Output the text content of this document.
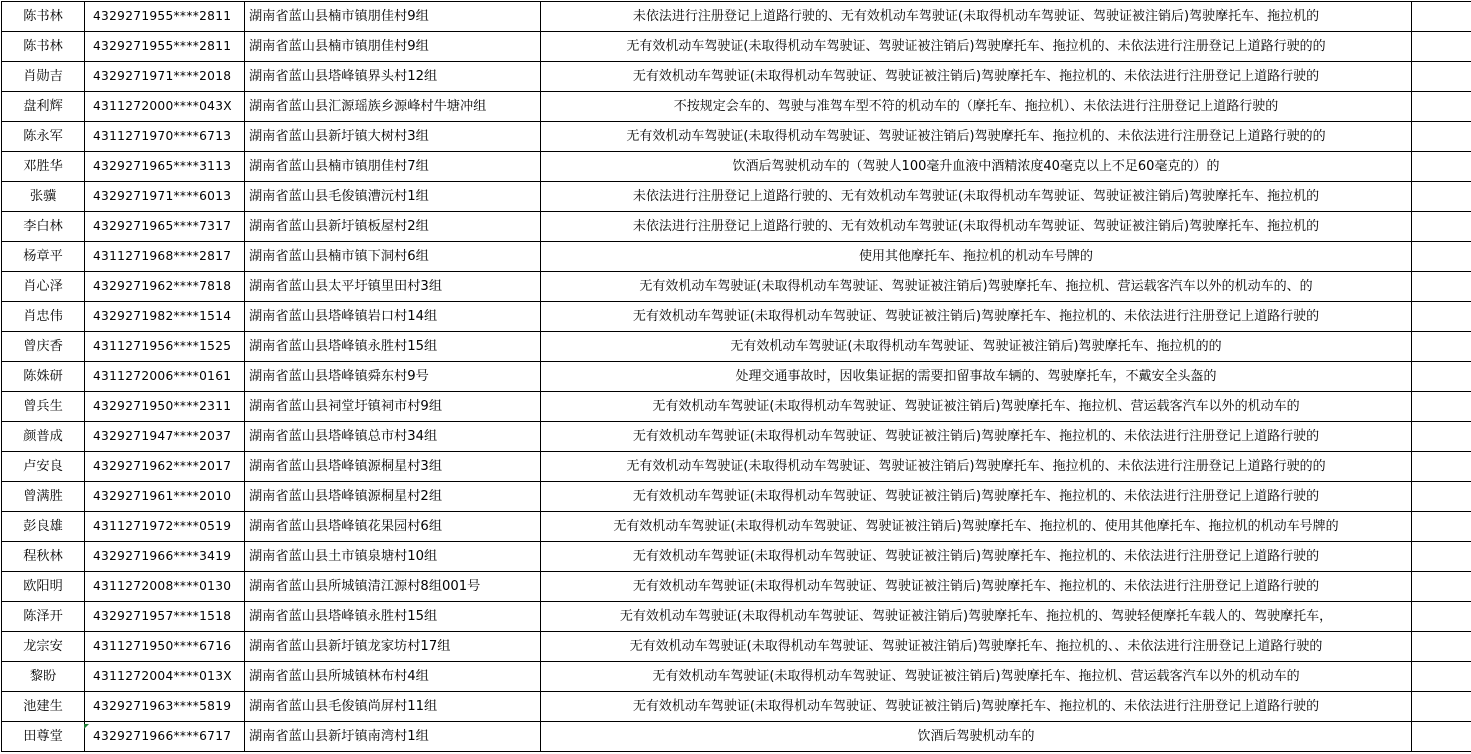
陈书林	4329271955****2811	湖南省蓝山县楠市镇朋佳村9组	未依法进行注册登记上道路行驶的、无有效机动车驾驶证(未取得机动车驾驶证、驾驶证被注销后)驾驶摩托车、拖拉机的	
陈书林	4329271955****2811	湖南省蓝山县楠市镇朋佳村9组	无有效机动车驾驶证(未取得机动车驾驶证、驾驶证被注销后)驾驶摩托车、拖拉机的、未依法进行注册登记上道路行驶的的	
肖勋吉	4329271971****2018	湖南省蓝山县塔峰镇界头村12组	无有效机动车驾驶证(未取得机动车驾驶证、驾驶证被注销后)驾驶摩托车、拖拉机的、未依法进行注册登记上道路行驶的	
盘利辉	4311272000****043X	湖南省蓝山县汇源瑶族乡源峰村牛塘冲组	不按规定会车的、驾驶与准驾车型不符的机动车的（摩托车、拖拉机）、未依法进行注册登记上道路行驶的	
陈永军	4311271970****6713	湖南省蓝山县新圩镇大树村3组	无有效机动车驾驶证(未取得机动车驾驶证、驾驶证被注销后)驾驶摩托车、拖拉机的、未依法进行注册登记上道路行驶的的	
邓胜华	4329271965****3113	湖南省蓝山县楠市镇朋佳村7组	饮酒后驾驶机动车的（驾驶人100毫升血液中酒精浓度40毫克以上不足60毫克的）的	
张骥	4329271971****6013	湖南省蓝山县毛俊镇漕沅村1组	未依法进行注册登记上道路行驶的、无有效机动车驾驶证(未取得机动车驾驶证、驾驶证被注销后)驾驶摩托车、拖拉机的	
李白林	4329271965****7317	湖南省蓝山县新圩镇板屋村2组	未依法进行注册登记上道路行驶的、无有效机动车驾驶证(未取得机动车驾驶证、驾驶证被注销后)驾驶摩托车、拖拉机的	
杨章平	4311271968****2817	湖南省蓝山县楠市镇下洞村6组	使用其他摩托车、拖拉机的机动车号牌的	
肖心泽	4329271962****7818	湖南省蓝山县太平圩镇里田村3组	无有效机动车驾驶证(未取得机动车驾驶证、驾驶证被注销后)驾驶摩托车、拖拉机、营运载客汽车以外的机动车的、的	
肖忠伟	4329271982****1514	湖南省蓝山县塔峰镇岩口村14组	无有效机动车驾驶证(未取得机动车驾驶证、驾驶证被注销后)驾驶摩托车、拖拉机的、未依法进行注册登记上道路行驶的	
曾庆香	4311271956****1525	湖南省蓝山县塔峰镇永胜村15组	无有效机动车驾驶证(未取得机动车驾驶证、驾驶证被注销后)驾驶摩托车、拖拉机的的	
陈姝研	4311272006****0161	湖南省蓝山县塔峰镇舜东村9号	处理交通事故时，因收集证据的需要扣留事故车辆的、驾驶摩托车，不戴安全头盔的	
曾兵生	4329271950****2311	湖南省蓝山县祠堂圩镇祠市村9组	无有效机动车驾驶证(未取得机动车驾驶证、驾驶证被注销后)驾驶摩托车、拖拉机、营运载客汽车以外的机动车的	
颜普成	4329271947****2037	湖南省蓝山县塔峰镇总市村34组	无有效机动车驾驶证(未取得机动车驾驶证、驾驶证被注销后)驾驶摩托车、拖拉机的、未依法进行注册登记上道路行驶的	
卢安良	4329271962****2017	湖南省蓝山县塔峰镇源桐星村3组	无有效机动车驾驶证(未取得机动车驾驶证、驾驶证被注销后)驾驶摩托车、拖拉机的、未依法进行注册登记上道路行驶的的	
曾满胜	4329271961****2010	湖南省蓝山县塔峰镇源桐星村2组	无有效机动车驾驶证(未取得机动车驾驶证、驾驶证被注销后)驾驶摩托车、拖拉机的、未依法进行注册登记上道路行驶的	
彭良雄	4311271972****0519	湖南省蓝山县塔峰镇花果园村6组	无有效机动车驾驶证(未取得机动车驾驶证、驾驶证被注销后)驾驶摩托车、拖拉机的、使用其他摩托车、拖拉机的机动车号牌的	
程秋林	4329271966****3419	湖南省蓝山县土市镇泉塘村10组	无有效机动车驾驶证(未取得机动车驾驶证、驾驶证被注销后)驾驶摩托车、拖拉机的、未依法进行注册登记上道路行驶的	
欧阳明	4311272008****0130	湖南省蓝山县所城镇清江源村8组001号	无有效机动车驾驶证(未取得机动车驾驶证、驾驶证被注销后)驾驶摩托车、拖拉机的、未依法进行注册登记上道路行驶的	
陈泽开	4329271957****1518	湖南省蓝山县塔峰镇永胜村15组	无有效机动车驾驶证(未取得机动车驾驶证、驾驶证被注销后)驾驶摩托车、拖拉机的、驾驶轻便摩托车载人的、驾驶摩托车，	
龙宗安	4311271950****6716	湖南省蓝山县新圩镇龙家坊村17组	无有效机动车驾驶证(未取得机动车驾驶证、驾驶证被注销后)驾驶摩托车、拖拉机的、、未依法进行注册登记上道路行驶的	
黎盼	4311272004****013X	湖南省蓝山县所城镇林布村4组	无有效机动车驾驶证(未取得机动车驾驶证、驾驶证被注销后)驾驶摩托车、拖拉机、营运载客汽车以外的机动车的	
池建生	4329271963****5819	湖南省蓝山县毛俊镇尚屏村11组	无有效机动车驾驶证(未取得机动车驾驶证、驾驶证被注销后)驾驶摩托车、拖拉机的、未依法进行注册登记上道路行驶的	
田尊堂	4329271966****6717	湖南省蓝山县新圩镇南湾村1组	饮酒后驾驶机动车的	
